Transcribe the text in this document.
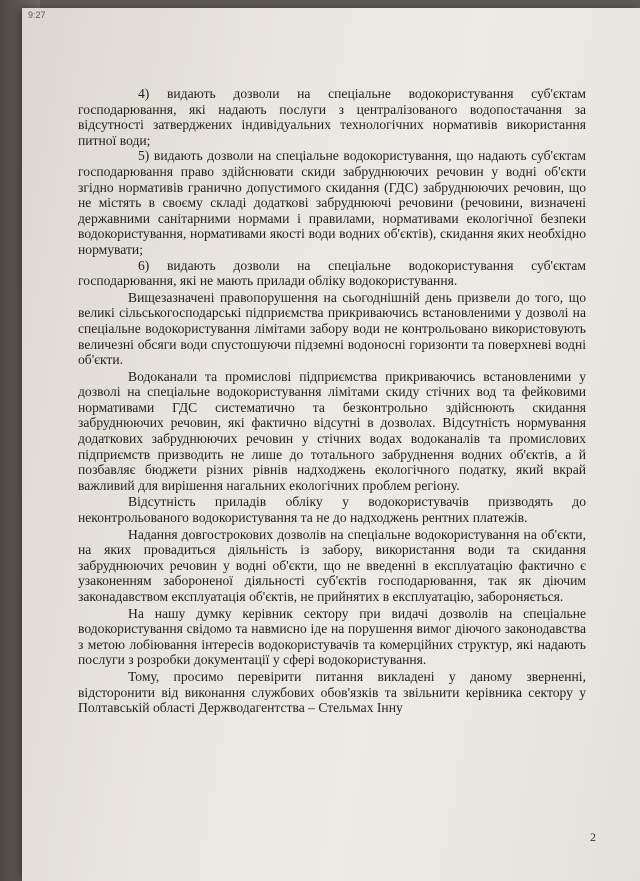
9:27

4) видають дозволи на спеціальне водокористування суб'єктам господарювання, які надають послуги з централізованого водопостачання за відсутності затверджених індивідуальних технологічних нормативів використання питної води;

5) видають дозволи на спеціальне водокористування, що надають суб'єктам господарювання право здійснювати скиди забруднюючих речовин у водні об'єкти згідно нормативів гранично допустимого скидання (ГДС) забруднюючих речовин, що не містять в своєму складі додаткові забруднюючі речовини (речовини, визначені державними санітарними нормами і правилами, нормативами екологічної безпеки водокористування, нормативами якості води водних об'єктів), скидання яких необхідно нормувати;

6) видають дозволи на спеціальне водокористування суб'єктам господарювання, які не мають прилади обліку водокористування.

Вищезазначені правопорушення на сьогоднішній день призвели до того, що великі сільськогосподарські підприємства прикриваючись встановленими у дозволі на спеціальне водокористування лімітами забору води не контрольовано використовують величезні обсяги води спустошуючи підземні водоносні горизонти та поверхневі водні об'єкти.

Водоканали та промислові підприємства прикриваючись встановленими у дозволі на спеціальне водокористування лімітами скиду стічних вод та фейковими нормативами ГДС систематично та безконтрольно здійснюють скидання забруднюючих речовин, які фактично відсутні в дозволах. Відсутність нормування додаткових забруднюючих речовин у стічних водах водоканалів та промислових підприємств призводить не лише до тотального забруднення водних об'єктів, а й позбавляє бюджети різних рівнів надходжень екологічного податку, який вкрай важливий для вирішення нагальних екологічних проблем регіону.

Відсутність приладів обліку у водокористувачів призводять до неконтрольованого водокористування та не до надходжень рентних платежів.

Надання довгострокових дозволів на спеціальне водокористування на об'єкти, на яких провадиться діяльність із забору, використання води та скидання забруднюючих речовин у водні об'єкти, що не введенні в експлуатацію фактично є узаконенням забороненої діяльності суб'єктів господарювання, так як діючим законадавством експлуатація об'єктів, не прийнятих в експлуатацію, забороняється.

На нашу думку керівник сектору при видачі дозволів на спеціальне водокористування свідомо та навмисно іде на порушення вимог діючого законодавства з метою лобіювання інтересів водокористувачів та комерційних структур, які надають послуги з розробки документації у сфері водокористування.

Тому, просимо перевірити питання викладені у даному зверненні, відсторонити від виконання службових обов'язків та звільнити керівника сектору у Полтавській області Держводагентства – Стельмах Інну

2
